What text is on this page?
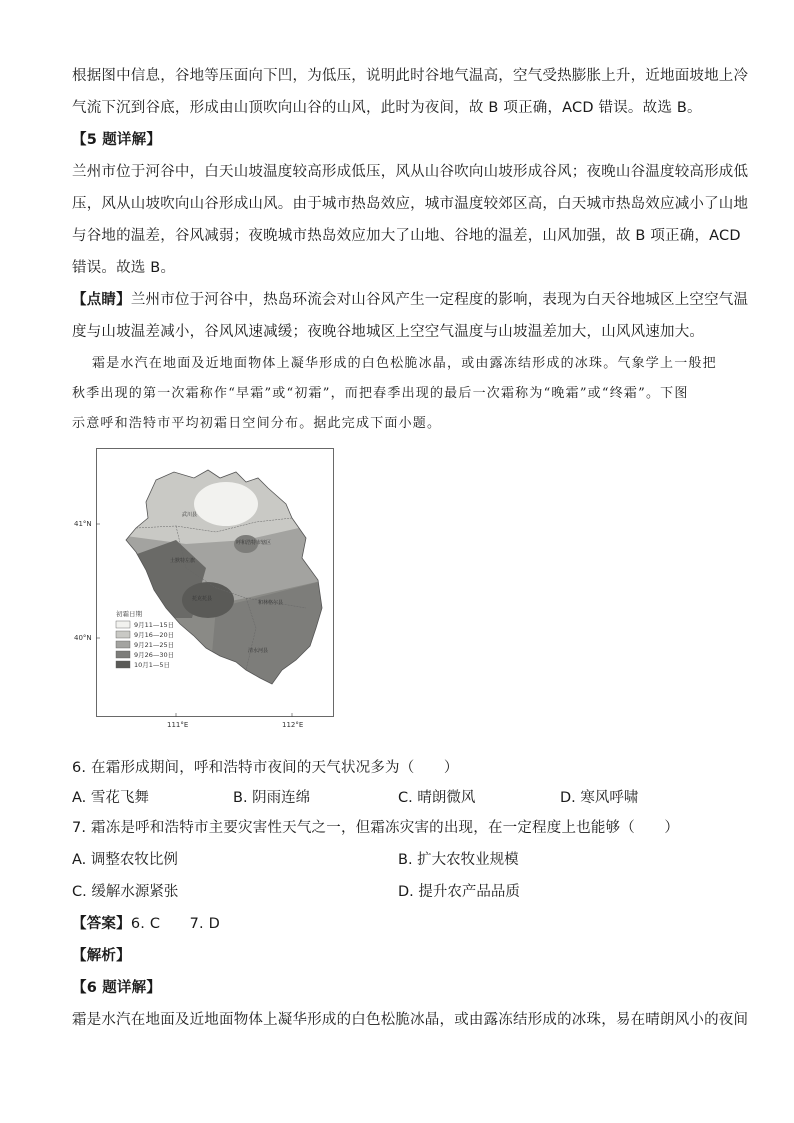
根据图中信息，谷地等压面向下凹，为低压，说明此时谷地气温高，空气受热膨胀上升，近地面坡地上冷
气流下沉到谷底，形成由山顶吹向山谷的山风，此时为夜间，故 B 项正确，ACD 错误。故选 B。
【5 题详解】
兰州市位于河谷中，白天山坡温度较高形成低压，风从山谷吹向山坡形成谷风；夜晚山谷温度较高形成低
压，风从山坡吹向山谷形成山风。由于城市热岛效应，城市温度较郊区高，白天城市热岛效应减小了山地
与谷地的温差，谷风减弱；夜晚城市热岛效应加大了山地、谷地的温差，山风加强，故 B 项正确，ACD
错误。故选 B。
【点睛】兰州市位于河谷中，热岛环流会对山谷风产生一定程度的影响，表现为白天谷地城区上空空气温
度与山坡温差减小，谷风风速减缓；夜晚谷地城区上空空气温度与山坡温差加大，山风风速加大。
霜是水汽在地面及近地面物体上凝华形成的白色松脆冰晶，或由露冻结形成的冰珠。气象学上一般把
秋季出现的第一次霜称作“早霜”或“初霜”，而把春季出现的最后一次霜称为“晚霜”或“终霜”。下图
示意呼和浩特市平均初霜日空间分布。据此完成下面小题。
武川县
呼和浩特市辖区
土默特左旗
托克托县
和林格尔县
清水河县
41°N
40°N
111°E	112°E
初霜日期
9月11—15日
9月16—20日
9月21—25日
9月26—30日
10月1—5日
6. 在霜形成期间，呼和浩特市夜间的天气状况多为（　　）
A. 雪花飞舞	B. 阴雨连绵	C. 晴朗微风	D. 寒风呼啸
7. 霜冻是呼和浩特市主要灾害性天气之一，但霜冻灾害的出现，在一定程度上也能够（　　）
A. 调整农牧比例	B. 扩大农牧业规模
C. 缓解水源紧张	D. 提升农产品品质
【答案】6. C　　7. D
【解析】
【6 题详解】
霜是水汽在地面及近地面物体上凝华形成的白色松脆冰晶，或由露冻结形成的冰珠，易在晴朗风小的夜间
